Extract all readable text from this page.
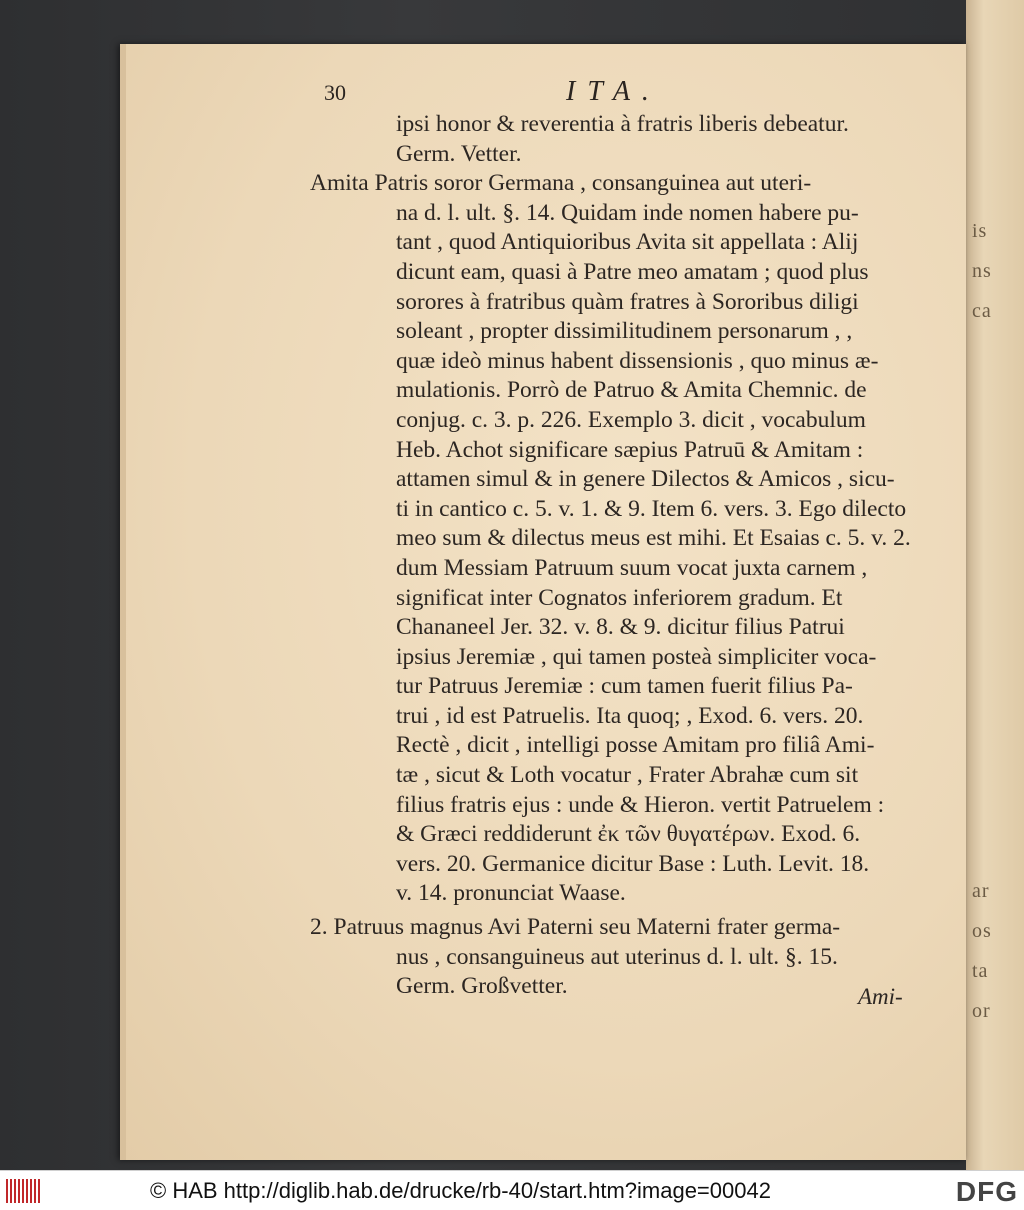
is
ns
ca
ar
os
ta
or
30	ITA.
ipsi honor & reverentia à fratris liberis debeatur.
Germ. Vetter.
Amita Patris soror Germana , consanguinea aut uteri-
na d. l. ult. §. 14. Quidam inde nomen habere pu-
tant , quod Antiquioribus Avita sit appellata : Alij
dicunt eam, quasi à Patre meo amatam ; quod plus
sorores à fratribus quàm fratres à Sororibus diligi
soleant , propter dissimilitudinem personarum , ,
quæ ideò minus habent dissensionis , quo minus æ-
mulationis. Porrò de Patruo & Amita Chemnic. de
conjug. c. 3. p. 226. Exemplo 3. dicit , vocabulum
Heb. Achot significare sæpius Patruū & Amitam :
attamen simul & in genere Dilectos & Amicos , sicu-
ti in cantico c. 5. v. 1. & 9. Item 6. vers. 3. Ego dilecto
meo sum & dilectus meus est mihi. Et Esaias c. 5. v. 2.
dum Messiam Patruum suum vocat juxta carnem ,
significat inter Cognatos inferiorem gradum. Et
Chananeel Jer. 32. v. 8. & 9. dicitur filius Patrui
ipsius Jeremiæ , qui tamen posteà simpliciter voca-
tur Patruus Jeremiæ : cum tamen fuerit filius Pa-
trui , id est Patruelis. Ita quoq; , Exod. 6. vers. 20.
Rectè , dicit , intelligi posse Amitam pro filiâ Ami-
tæ , sicut & Loth vocatur , Frater Abrahæ cum sit
filius fratris ejus : unde & Hieron. vertit Patruelem :
& Græci reddiderunt ἐκ τῶν θυγατέρων. Exod. 6.
vers. 20. Germanice dicitur Base : Luth. Levit. 18.
v. 14. pronunciat Waase.
2. Patruus magnus Avi Paterni seu Materni frater germa-
nus , consanguineus aut uterinus d. l. ult. §. 15.
Germ. Großvetter.	Ami-
© HAB http://diglib.hab.de/drucke/rb-40/start.htm?image=00042	DFG
